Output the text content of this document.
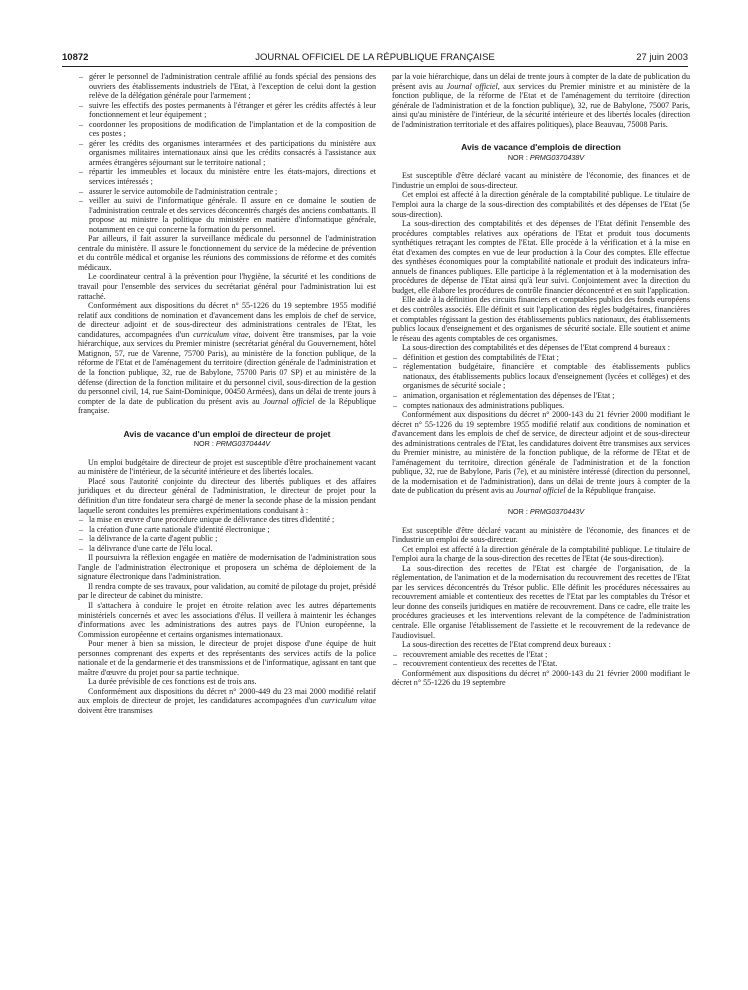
10872	JOURNAL OFFICIEL DE LA RÉPUBLIQUE FRANÇAISE	27 juin 2003
– gérer le personnel de l'administration centrale affilié au fonds spécial des pensions des ouvriers des établissements industriels de l'Etat, à l'exception de celui dont la gestion relève de la délégation générale pour l'armement ;
– suivre les effectifs des postes permanents à l'étranger et gérer les crédits affectés à leur fonctionnement et leur équipement ;
– coordonner les propositions de modification de l'implantation et de la composition de ces postes ;
– gérer les crédits des organismes interarmées et des participations du ministère aux organismes militaires internationaux ainsi que les crédits consacrés à l'assistance aux armées étrangères séjournant sur le territoire national ;
– répartir les immeubles et locaux du ministère entre les états-majors, directions et services intéressés ;
– assurer le service automobile de l'administration centrale ;
– veiller au suivi de l'informatique générale. Il assure en ce domaine le soutien de l'administration centrale et des services déconcentrés chargés des anciens combattants. Il propose au ministre la politique du ministère en matière d'informatique générale, notamment en ce qui concerne la formation du personnel.

Par ailleurs, il fait assurer la surveillance médicale du personnel de l'administration centrale du ministère. Il assure le fonctionnement du service de la médecine de prévention et du contrôle médical et organise les réunions des commissions de réforme et des comités médicaux.

Le coordinateur central à la prévention pour l'hygiène, la sécurité et les conditions de travail pour l'ensemble des services du secrétariat général pour l'administration lui est rattaché.

Conformément aux dispositions du décret n° 55-1226 du 19 septembre 1955 modifié relatif aux conditions de nomination et d'avancement dans les emplois de chef de service, de directeur adjoint et de sous-directeur des administrations centrales de l'Etat, les candidatures, accompagnées d'un curriculum vitae, doivent être transmises, par la voie hiérarchique, aux services du Premier ministre (secrétariat général du Gouvernement, hôtel Matignon, 57, rue de Varenne, 75700 Paris), au ministère de la fonction publique, de la réforme de l'Etat et de l'aménagement du territoire (direction générale de l'administration et de la fonction publique, 32, rue de Babylone, 75700 Paris 07 SP) et au ministère de la défense (direction de la fonction militaire et du personnel civil, sous-direction de la gestion du personnel civil, 14, rue Saint-Dominique, 00450 Armées), dans un délai de trente jours à compter de la date de publication du présent avis au Journal officiel de la République française.

Avis de vacance d'un emploi de directeur de projet

NOR : PRMG0370444V

Un emploi budgétaire de directeur de projet est susceptible d'être prochainement vacant au ministère de l'intérieur, de la sécurité intérieure et des libertés locales.

Placé sous l'autorité conjointe du directeur des libertés publiques et des affaires juridiques et du directeur général de l'administration, le directeur de projet pour la définition d'un titre fondateur sera chargé de mener la seconde phase de la mission pendant laquelle seront conduites les premières expérimentations conduisant à :

– la mise en œuvre d'une procédure unique de délivrance des titres d'identité ;
– la création d'une carte nationale d'identité électronique ;
– la délivrance de la carte d'agent public ;
– la délivrance d'une carte de l'élu local.

Il poursuivra la réflexion engagée en matière de modernisation de l'administration sous l'angle de l'administration électronique et proposera un schéma de déploiement de la signature électronique dans l'administration.

Il rendra compte de ses travaux, pour validation, au comité de pilotage du projet, présidé par le directeur de cabinet du ministre.

Il s'attachera à conduire le projet en étroite relation avec les autres départements ministériels concernés et avec les associations d'élus. Il veillera à maintenir les échanges d'informations avec les administrations des autres pays de l'Union européenne, la Commission européenne et certains organismes internationaux.

Pour mener à bien sa mission, le directeur de projet dispose d'une équipe de huit personnes comprenant des experts et des représentants des services actifs de la police nationale et de la gendarmerie et des transmissions et de l'informatique, agissant en tant que maître d'œuvre du projet pour sa partie technique.

La durée prévisible de ces fonctions est de trois ans.

Conformément aux dispositions du décret n° 2000-449 du 23 mai 2000 modifié relatif aux emplois de directeur de projet, les candidatures accompagnées d'un curriculum vitae doivent être transmises

par la voie hiérarchique, dans un délai de trente jours à compter de la date de publication du présent avis au Journal officiel, aux services du Premier ministre et au ministère de la fonction publique, de la réforme de l'Etat et de l'aménagement du territoire (direction générale de l'administration et de la fonction publique), 32, rue de Babylone, 75007 Paris, ainsi qu'au ministère de l'intérieur, de la sécurité intérieure et des libertés locales (direction de l'administration territoriale et des affaires politiques), place Beauvau, 75008 Paris.

Avis de vacance d'emplois de direction

NOR : PRMG0370438V

Est susceptible d'être déclaré vacant au ministère de l'économie, des finances et de l'industrie un emploi de sous-directeur.

Cet emploi est affecté à la direction générale de la comptabilité publique. Le titulaire de l'emploi aura la charge de la sous-direction des comptabilités et des dépenses de l'Etat (5e sous-direction).

La sous-direction des comptabilités et des dépenses de l'Etat définit l'ensemble des procédures comptables relatives aux opérations de l'Etat et produit tous documents synthétiques retraçant les comptes de l'Etat. Elle procède à la vérification et à la mise en état d'examen des comptes en vue de leur production à la Cour des comptes. Elle effectue des synthèses économiques pour la comptabilité nationale et produit des indicateurs infra-annuels de finances publiques. Elle participe à la réglementation et à la modernisation des procédures de dépense de l'Etat ainsi qu'à leur suivi. Conjointement avec la direction du budget, elle élabore les procédures de contrôle financier déconcentré et en suit l'application.

Elle aide à la définition des circuits financiers et comptables publics des fonds européens et des contrôles associés. Elle définit et suit l'application des règles budgétaires, financières et comptables régissant la gestion des établissements publics nationaux, des établissements publics locaux d'enseignement et des organismes de sécurité sociale. Elle soutient et anime le réseau des agents comptables de ces organismes.

La sous-direction des comptabilités et des dépenses de l'Etat comprend 4 bureaux :

– définition et gestion des comptabilités de l'Etat ;
– réglementation budgétaire, financière et comptable des établissements publics nationaux, des établissements publics locaux d'enseignement (lycées et collèges) et des organismes de sécurité sociale ;
– animation, organisation et réglementation des dépenses de l'Etat ;
– comptes nationaux des administrations publiques.

Conformément aux dispositions du décret n° 2000-143 du 21 février 2000 modifiant le décret n° 55-1226 du 19 septembre 1955 modifié relatif aux conditions de nomination et d'avancement dans les emplois de chef de service, de directeur adjoint et de sous-directeur des administrations centrales de l'Etat, les candidatures doivent être transmises aux services du Premier ministre, au ministère de la fonction publique, de la réforme de l'Etat et de l'aménagement du territoire, direction générale de l'administration et de la fonction publique, 32, rue de Babylone, Paris (7e), et au ministère intéressé (direction du personnel, de la modernisation et de l'administration), dans un délai de trente jours à compter de la date de publication du présent avis au Journal officiel de la République française.

NOR : PRMG0370443V

Est susceptible d'être déclaré vacant au ministère de l'économie, des finances et de l'industrie un emploi de sous-directeur.

Cet emploi est affecté à la direction générale de la comptabilité publique. Le titulaire de l'emploi aura la charge de la sous-direction des recettes de l'Etat (4e sous-direction).

La sous-direction des recettes de l'Etat est chargée de l'organisation, de la réglementation, de l'animation et de la modernisation du recouvrement des recettes de l'Etat par les services déconcentrés du Trésor public. Elle définit les procédures nécessaires au recouvrement amiable et contentieux des recettes de l'Etat par les comptables du Trésor et leur donne des conseils juridiques en matière de recouvrement. Dans ce cadre, elle traite les procédures gracieuses et les interventions relevant de la compétence de l'administration centrale. Elle organise l'établissement de l'assiette et le recouvrement de la redevance de l'audiovisuel.

La sous-direction des recettes de l'Etat comprend deux bureaux :

– recouvrement amiable des recettes de l'Etat ;
– recouvrement contentieux des recettes de l'Etat.

Conformément aux dispositions du décret n° 2000-143 du 21 février 2000 modifiant le décret n° 55-1226 du 19 septembre
